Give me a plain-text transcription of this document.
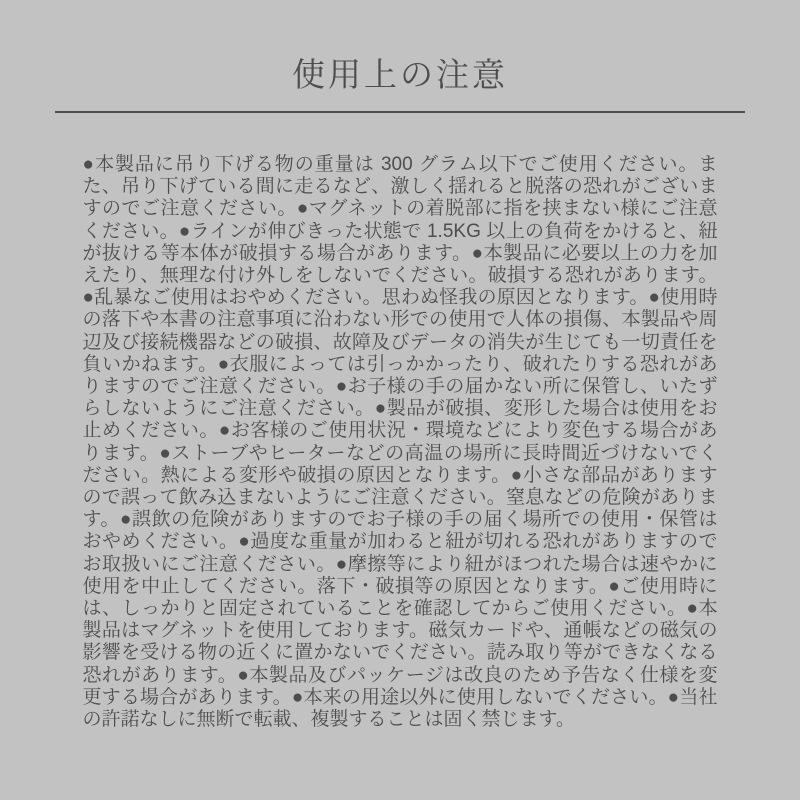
使用上の注意

●本製品に吊り下げる物の重量は 300 グラム以下でご使用ください。また、吊り下げている間に走るなど、激しく揺れると脱落の恐れがございますのでご注意ください。●マグネットの着脱部に指を挟まない様にご注意ください。●ラインが伸びきった状態で 1.5KG 以上の負荷をかけると、紐が抜ける等本体が破損する場合があります。●本製品に必要以上の力を加えたり、無理な付け外しをしないでください。破損する恐れがあります。●乱暴なご使用はおやめください。思わぬ怪我の原因となります。●使用時の落下や本書の注意事項に沿わない形での使用で人体の損傷、本製品や周辺及び接続機器などの破損、故障及びデータの消失が生じても一切責任を負いかねます。●衣服によっては引っかかったり、破れたりする恐れがありますのでご注意ください。●お子様の手の届かない所に保管し、いたずらしないようにご注意ください。●製品が破損、変形した場合は使用をお止めください。●お客様のご使用状況・環境などにより変色する場合があります。●ストーブやヒーターなどの高温の場所に長時間近づけないでください。熱による変形や破損の原因となります。●小さな部品がありますので誤って飲み込まないようにご注意ください。窒息などの危険があります。●誤飲の危険がありますのでお子様の手の届く場所での使用・保管はおやめください。●過度な重量が加わると紐が切れる恐れがありますのでお取扱いにご注意ください。●摩擦等により紐がほつれた場合は速やかに使用を中止してください。落下・破損等の原因となります。●ご使用時には、しっかりと固定されていることを確認してからご使用ください。●本製品はマグネットを使用しております。磁気カードや、通帳などの磁気の影響を受ける物の近くに置かないでください。読み取り等ができなくなる恐れがあります。●本製品及びパッケージは改良のため予告なく仕様を変更する場合があります。●本来の用途以外に使用しないでください。●当社の許諾なしに無断で転載、複製することは固く禁じます。
